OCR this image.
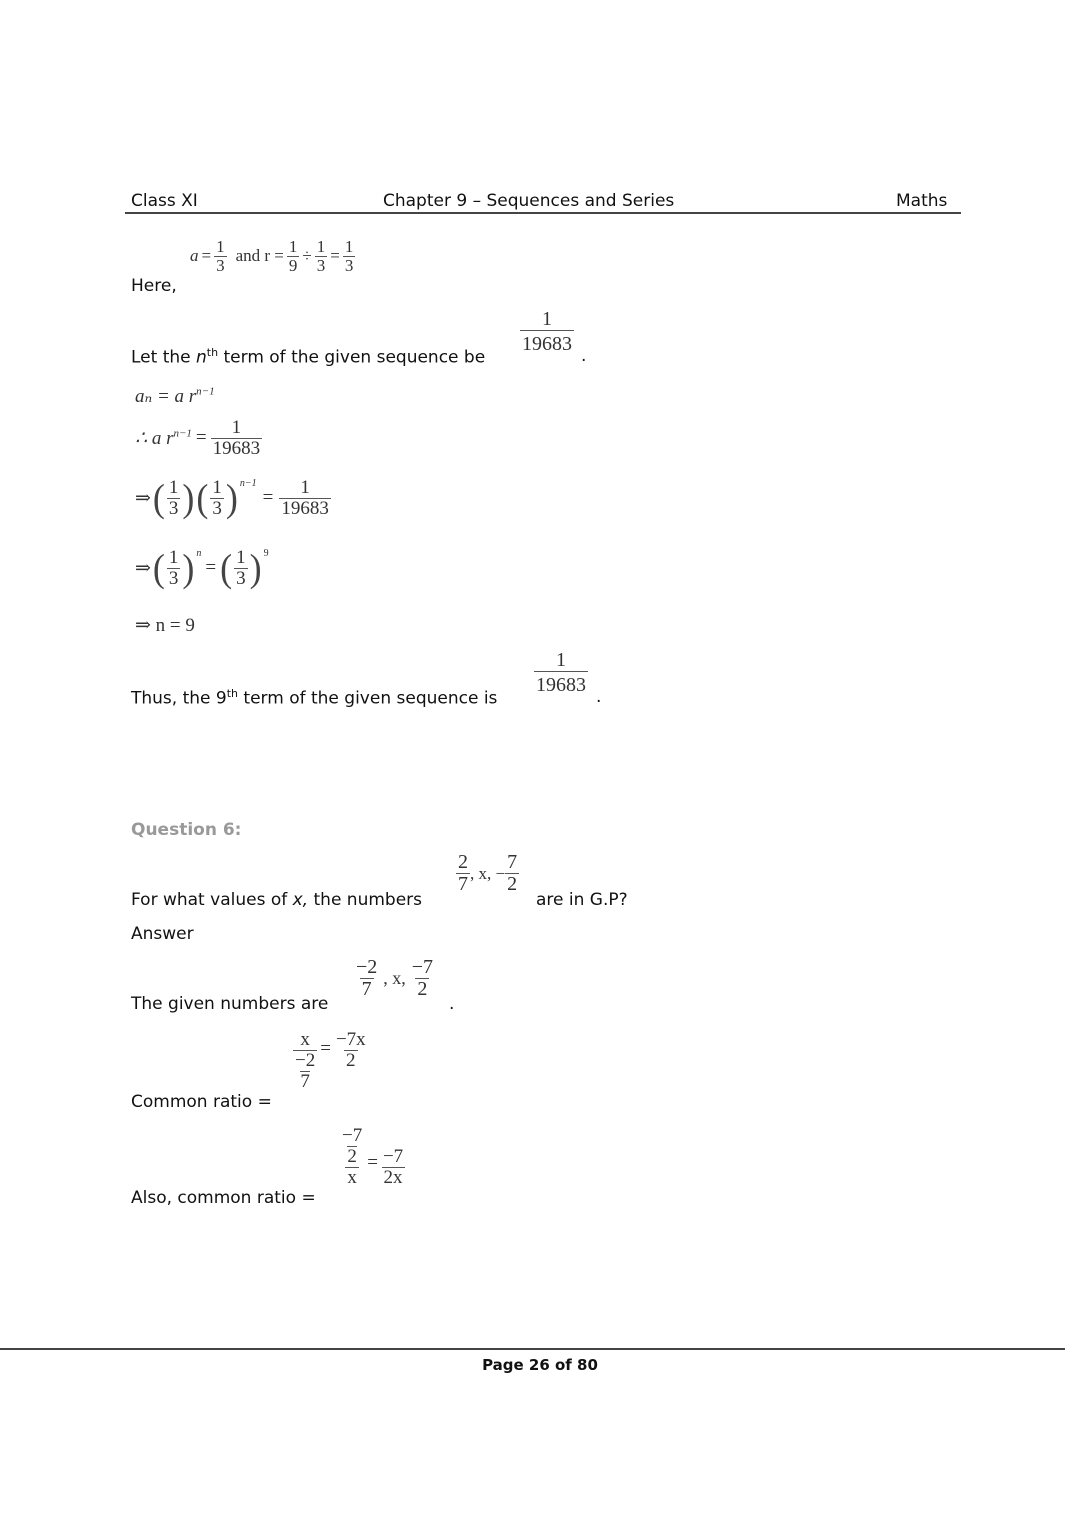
Class XI	Chapter 9 – Sequences and Series	Maths
Here,
$a = \frac{1}{3}$ and $r = \frac{1}{9} \div \frac{1}{3} = \frac{1}{3}$
Let the $n^{th}$ term of the given sequence be
$\frac{1}{19683}$
.
aₙ = a $r^{n-1}$
∴ a $r^{n-1} = \frac{1}{19683}$
⇒ ( $\frac{1}{3}$ ) ( $\frac{1}{3} )^{n-1}$
= $\frac{1}{19683}$
⇒ ( $\frac{1}{3} )^n$
= ( $\frac{1}{3} )^9$
⇒ n = 9
Thus, the 9th term of the given sequence is
$\frac{1}{19683}$
.
Question 6:
For what values of x, the numbers
$\frac{2}{7}$ , x, − $\frac{7}{2}$
are in G.P?
Answer
The given numbers are
$\frac{-2}{7}$ , x, $\frac{-7}{2}$
.
Common ratio =
x
−2
$7 = \frac{-7x}{2}$
Also, common ratio =
−7
2
$x = \frac{-7}{2x}$
Page 26 of 80
